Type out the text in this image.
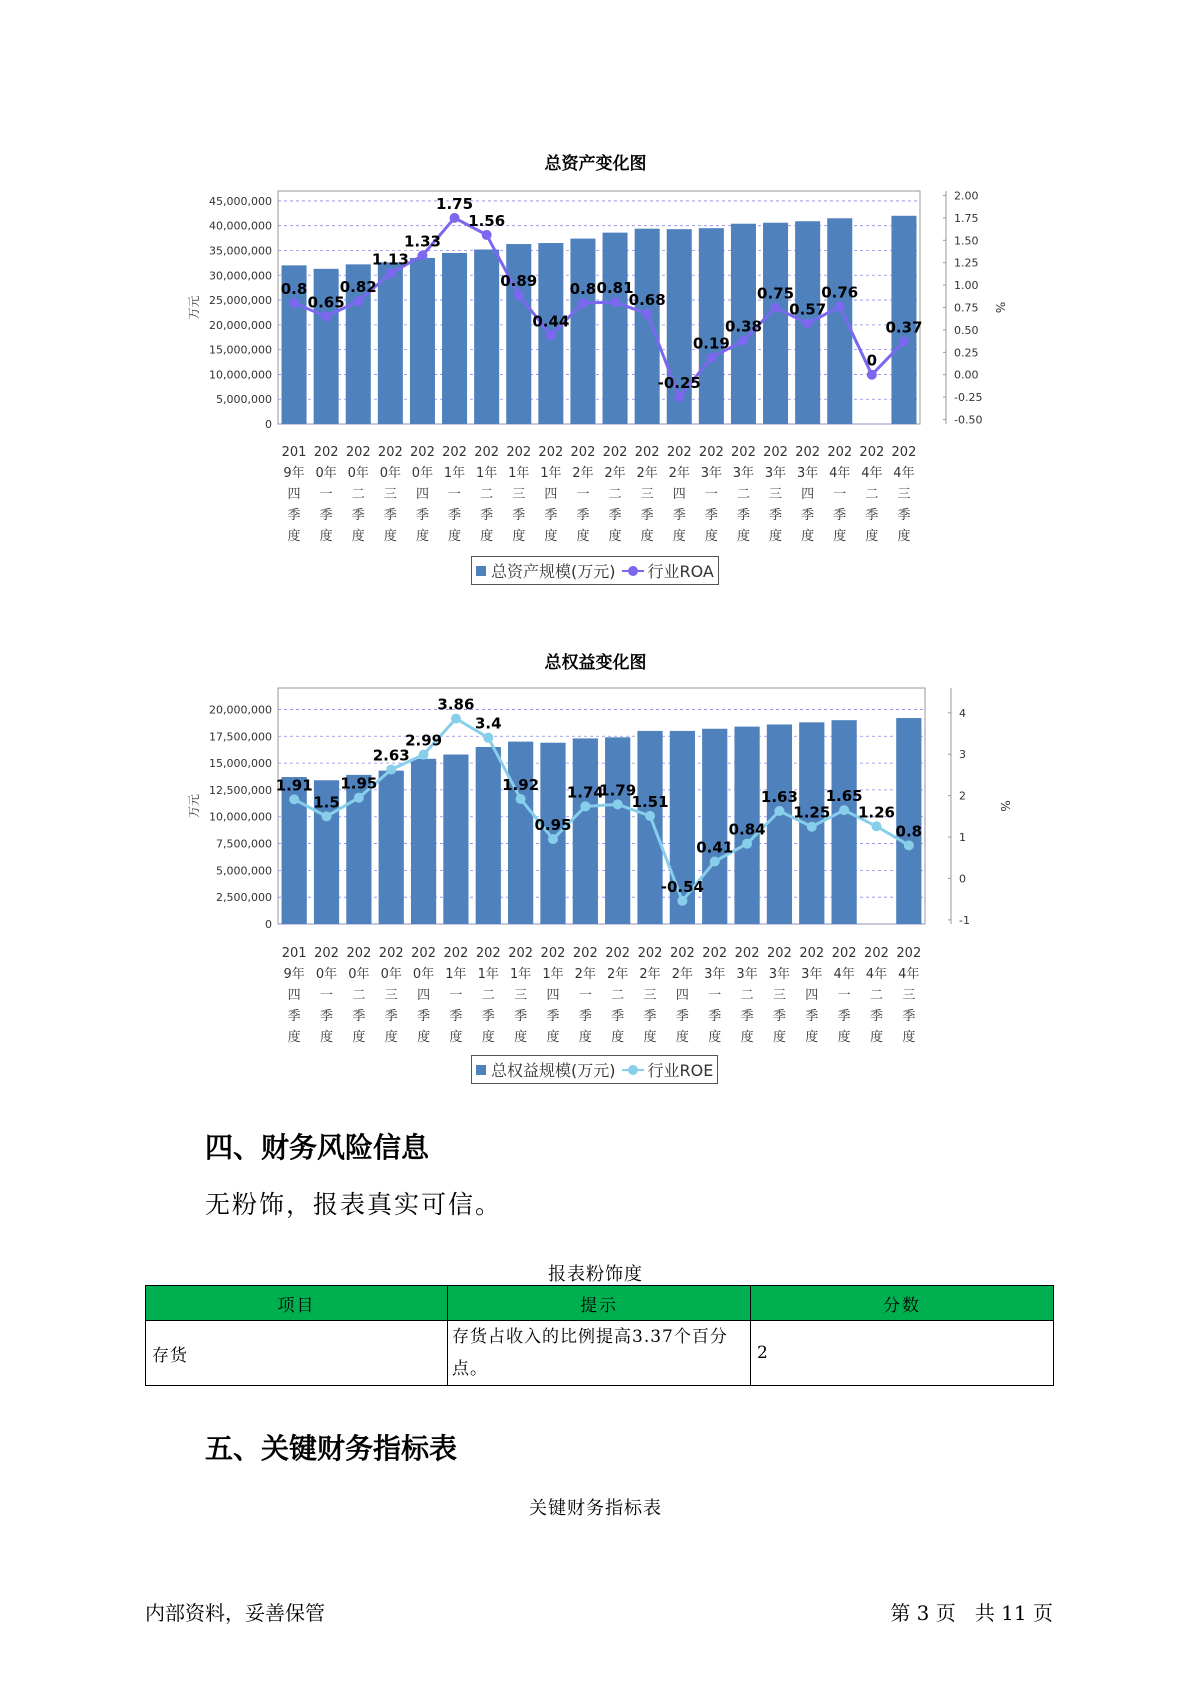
总资产变化图
0
5,000,000
10,000,000
15,000,000
20,000,000
25,000,000
30,000,000
35,000,000
40,000,000
45,000,000
-0.50
-0.25
0.00
0.25
0.50
0.75
1.00
1.25
1.50
1.75
2.00
万元	%
0.8
0.65
0.82
1.13
1.33
1.75
1.56
0.89
0.44
0.8 0.81
0.68
-0.25
0.19
0.38
0.75
0.57
0.76
0
0.37
201
9年
四
季
度
202
0年
一
季
度
202
0年
二
季
度
202
0年
三
季
度
202
0年
四
季
度
202
1年
一
季
度
202
1年
二
季
度
202
1年
三
季
度
202
1年
四
季
度
202
2年
一
季
度
202
2年
二
季
度
202
2年
三
季
度
202
2年
四
季
度
202
3年
一
季
度
202
3年
二
季
度
202
3年
三
季
度
202
3年
四
季
度
202
4年
一
季
度
202
4年
二
季
度
202
4年
三
季
度
总资产规模(万元) 行业ROA
总权益变化图
0
2,500,000
5,000,000
7,500,000
10,000,000
12,500,000
15,000,000
17,500,000
20,000,000
-1
0
1
2
3
4
万元	%
1.91
1.5
1.95
2.63
2.99
3.86
3.4
1.92
0.95
1.74
1.79
1.51
-0.54
0.41
0.84
1.63
1.25
1.65
1.26
0.8
201
9年
四
季
度
202
0年
一
季
度
202
0年
二
季
度
202
0年
三
季
度
202
0年
四
季
度
202
1年
一
季
度
202
1年
二
季
度
202
1年
三
季
度
202
1年
四
季
度
202
2年
一
季
度
202
2年
二
季
度
202
2年
三
季
度
202
2年
四
季
度
202
3年
一
季
度
202
3年
二
季
度
202
3年
三
季
度
202
3年
四
季
度
202
4年
一
季
度
202
4年
二
季
度
202
4年
三
季
度
总权益规模(万元) 行业ROE
四、财务风险信息
无粉饰，报表真实可信。
报表粉饰度
项目	提示	分数
存货	存货占收入的比例提高3.37个百分点。	2
五、关键财务指标表
关键财务指标表
内部资料，妥善保管	第 3 页   共 11 页
